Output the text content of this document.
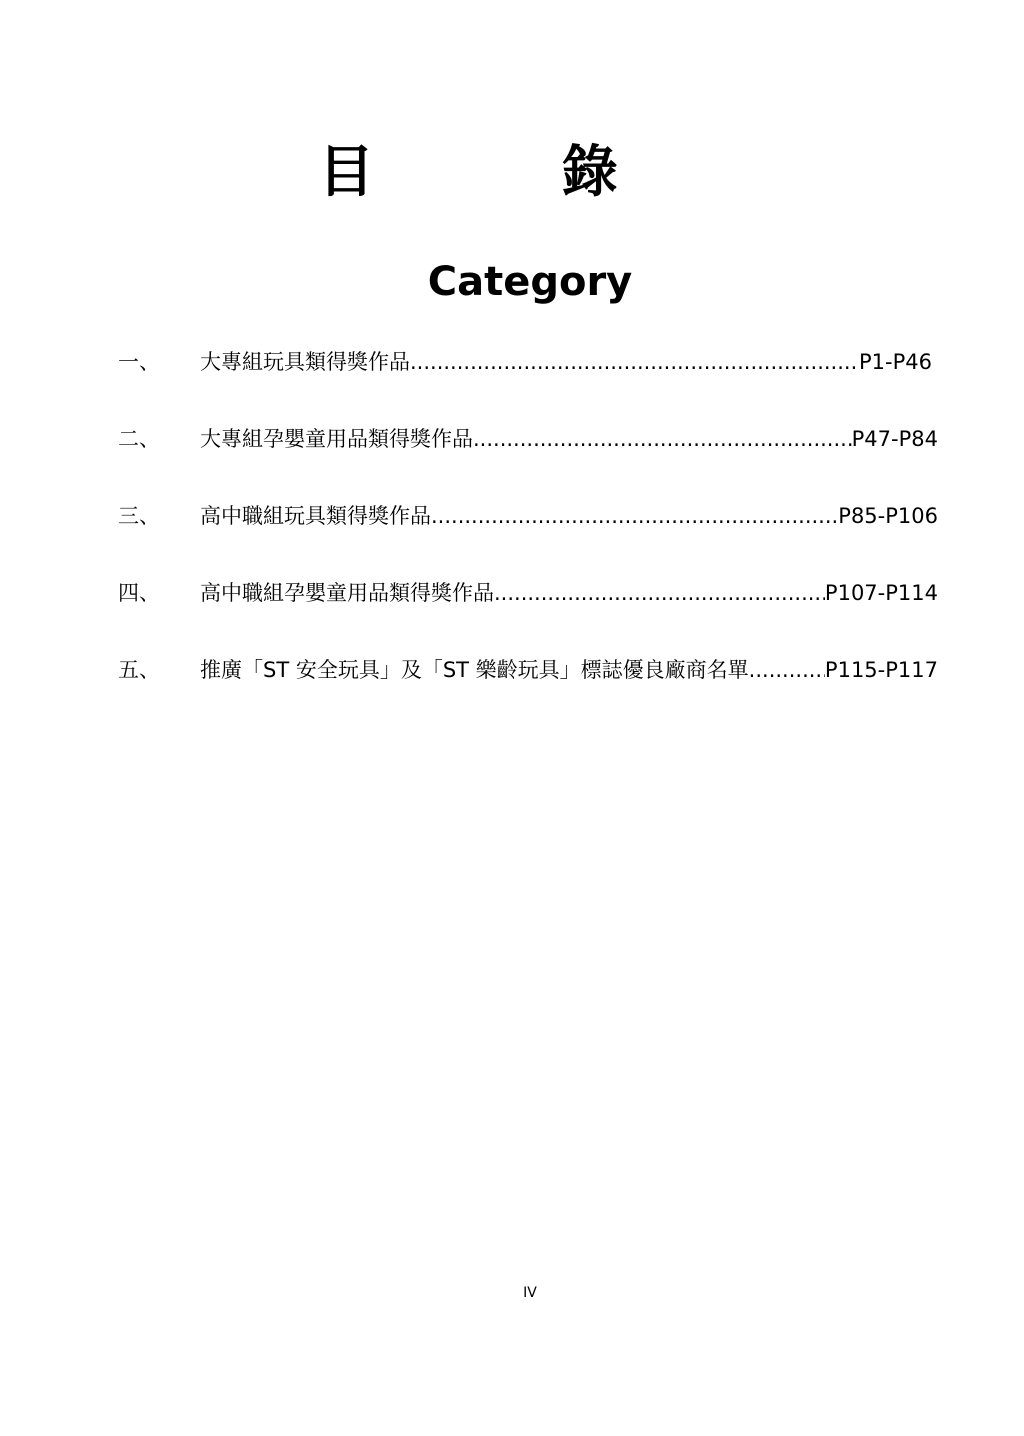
目 錄
Category
一、	大專組玩具類得獎作品 .....	P1-P46
二、	大專組孕嬰童用品類得獎作品 .....	P47-P84
三、	高中職組玩具類得獎作品 .....	P85-P106
四、	高中職組孕嬰童用品類得獎作品 .....	P107-P114
五、	推廣「ST 安全玩具」及「ST 樂齡玩具」標誌優良廠商名單 .....	P115-P117
IV
